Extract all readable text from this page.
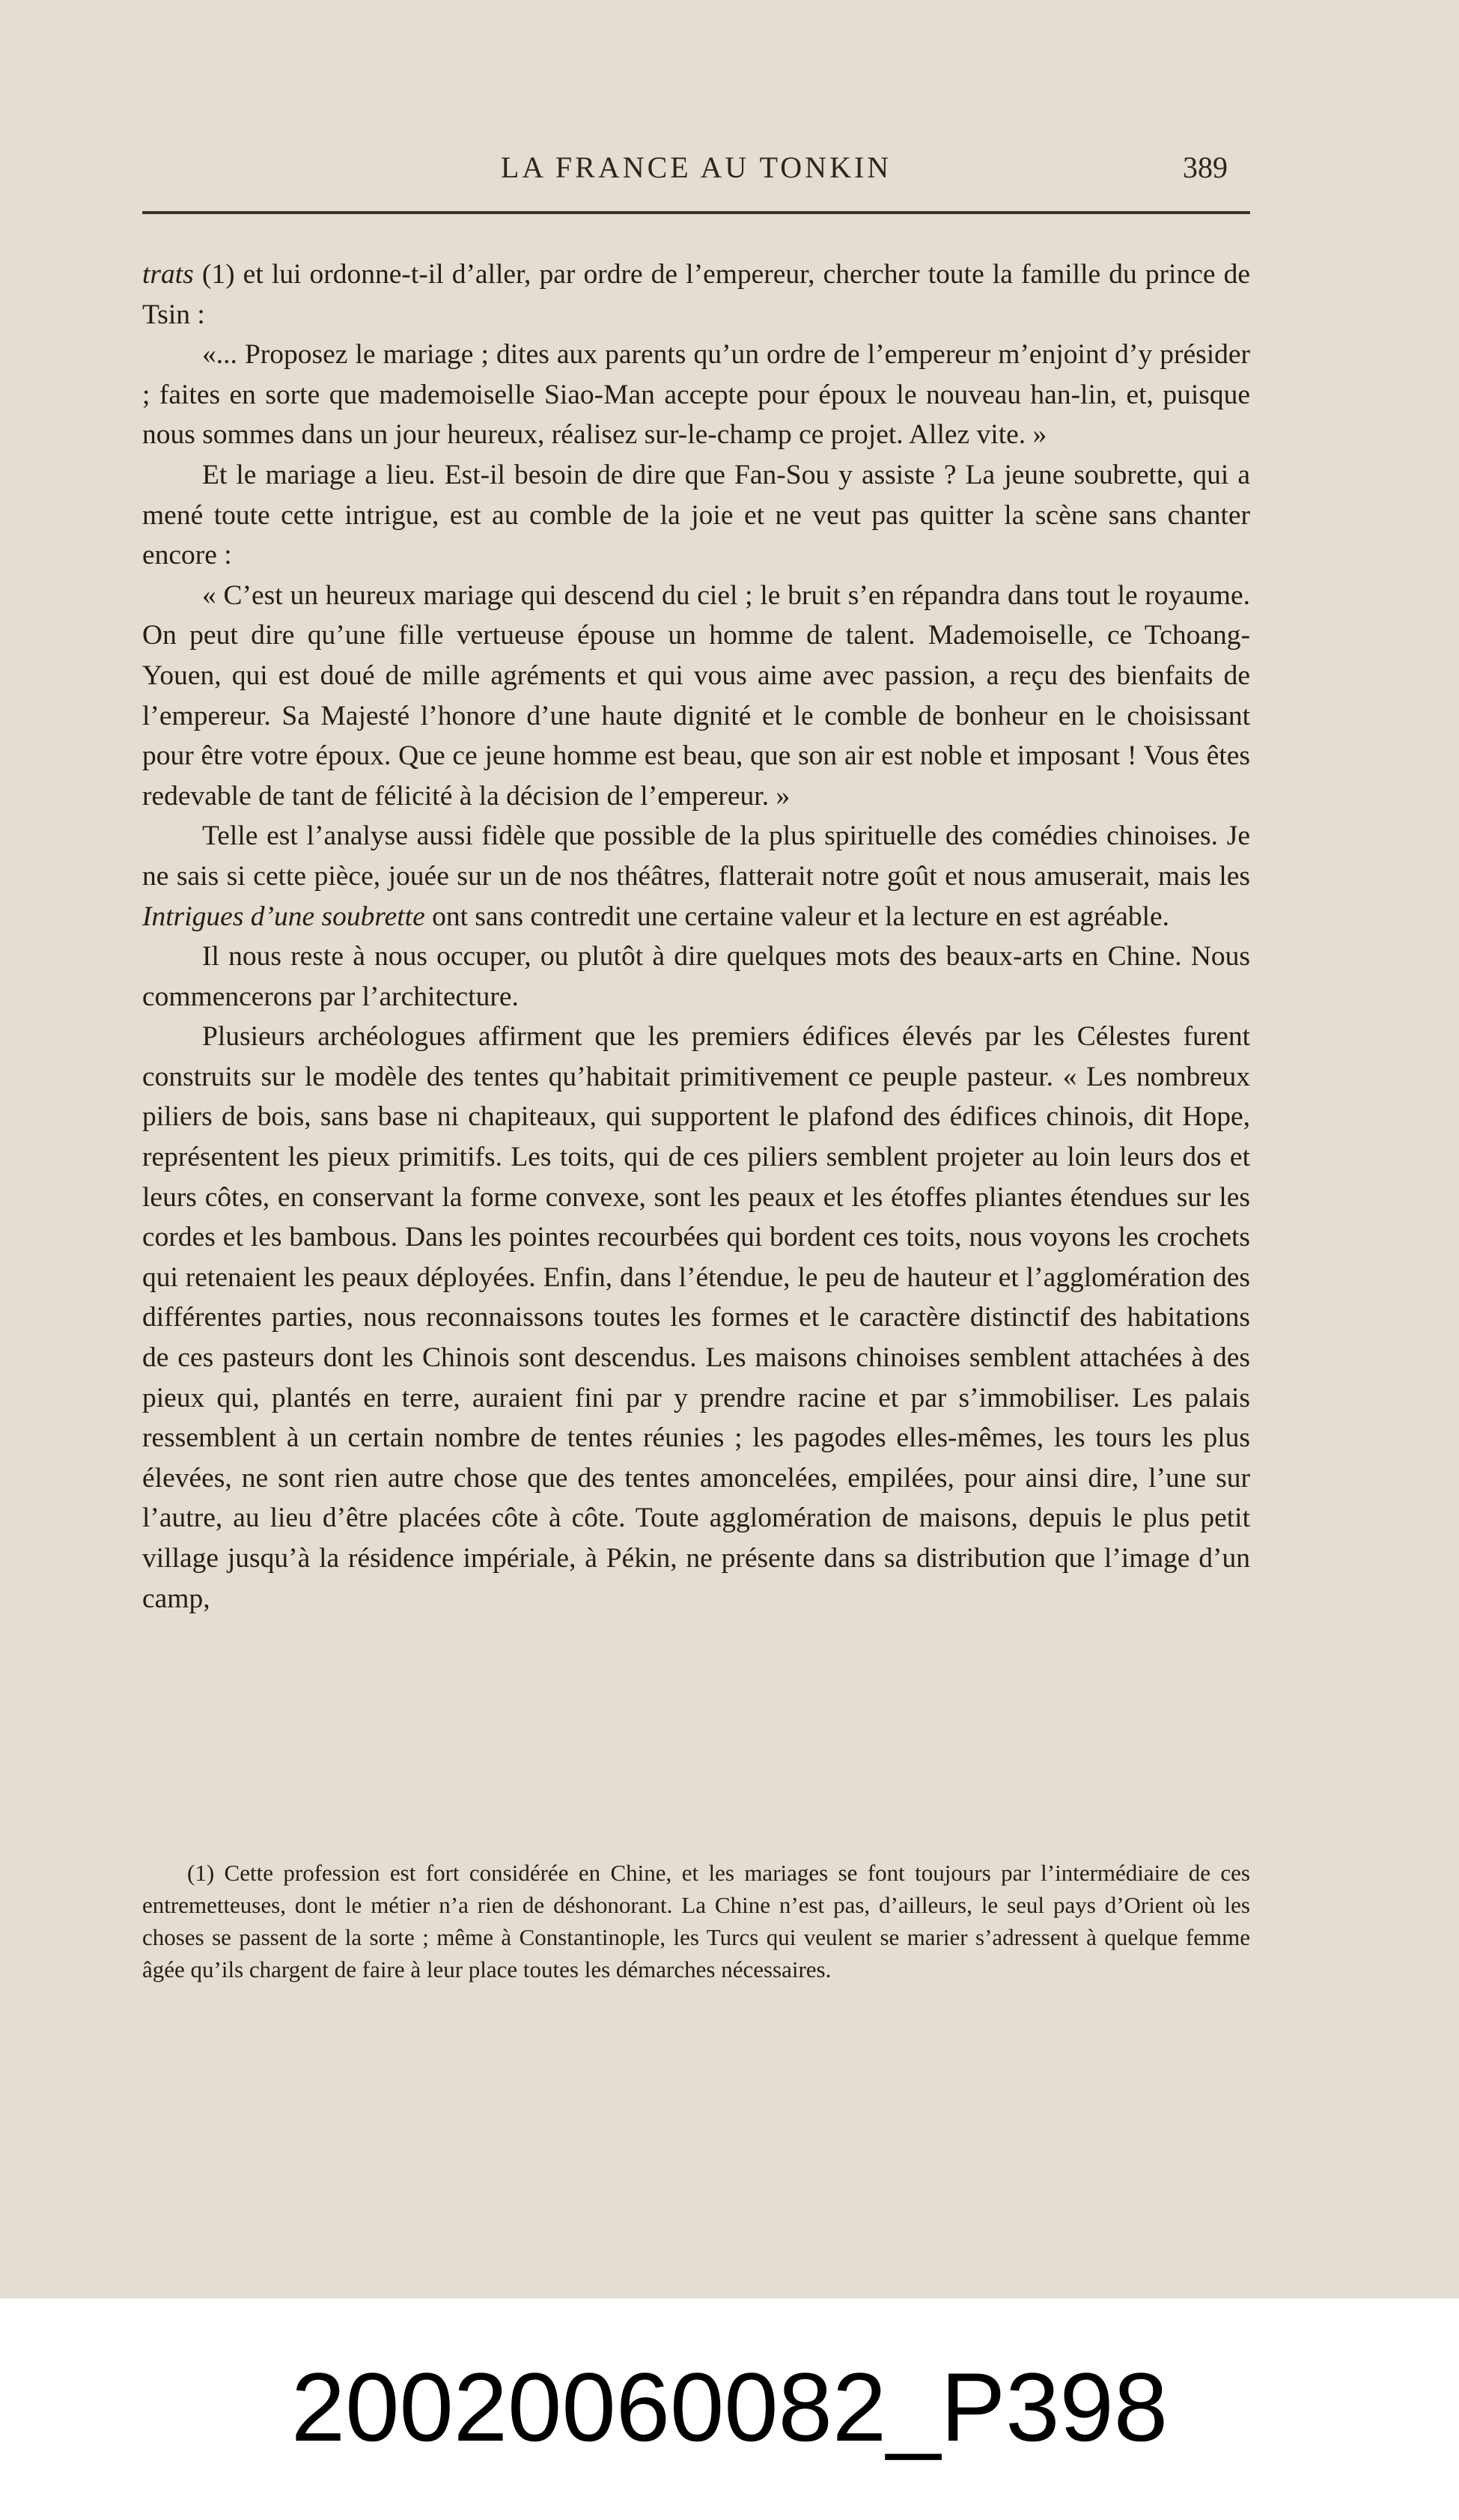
LA FRANCE AU TONKIN	389

trats (1) et lui ordonne-t-il d’aller, par ordre de l’empereur, chercher toute la famille du prince de Tsin :

«... Proposez le mariage ; dites aux parents qu’un ordre de l’empereur m’enjoint d’y présider ; faites en sorte que mademoiselle Siao-Man accepte pour époux le nouveau han-lin, et, puisque nous sommes dans un jour heureux, réalisez sur-le-champ ce projet. Allez vite. »

Et le mariage a lieu. Est-il besoin de dire que Fan-Sou y assiste ? La jeune soubrette, qui a mené toute cette intrigue, est au comble de la joie et ne veut pas quitter la scène sans chanter encore :

« C’est un heureux mariage qui descend du ciel ; le bruit s’en répandra dans tout le royaume. On peut dire qu’une fille vertueuse épouse un homme de talent. Mademoiselle, ce Tchoang-Youen, qui est doué de mille agréments et qui vous aime avec passion, a reçu des bienfaits de l’empereur. Sa Majesté l’honore d’une haute dignité et le comble de bonheur en le choisissant pour être votre époux. Que ce jeune homme est beau, que son air est noble et imposant ! Vous êtes redevable de tant de félicité à la décision de l’empereur. »

Telle est l’analyse aussi fidèle que possible de la plus spirituelle des comédies chinoises. Je ne sais si cette pièce, jouée sur un de nos théâtres, flatterait notre goût et nous amuserait, mais les Intrigues d’une soubrette ont sans contredit une certaine valeur et la lecture en est agréable.

Il nous reste à nous occuper, ou plutôt à dire quelques mots des beaux-arts en Chine. Nous commencerons par l’architecture.

Plusieurs archéologues affirment que les premiers édifices élevés par les Célestes furent construits sur le modèle des tentes qu’habitait primitivement ce peuple pasteur. « Les nombreux piliers de bois, sans base ni chapiteaux, qui supportent le plafond des édifices chinois, dit Hope, représentent les pieux primitifs. Les toits, qui de ces piliers semblent projeter au loin leurs dos et leurs côtes, en conservant la forme convexe, sont les peaux et les étoffes pliantes étendues sur les cordes et les bambous. Dans les pointes recourbées qui bordent ces toits, nous voyons les crochets qui retenaient les peaux déployées. Enfin, dans l’étendue, le peu de hauteur et l’agglomération des différentes parties, nous reconnaissons toutes les formes et le caractère distinctif des habitations de ces pasteurs dont les Chinois sont descendus. Les maisons chinoises semblent attachées à des pieux qui, plantés en terre, auraient fini par y prendre racine et par s’immobiliser. Les palais ressemblent à un certain nombre de tentes réunies ; les pagodes elles-mêmes, les tours les plus élevées, ne sont rien autre chose que des tentes amoncelées, empilées, pour ainsi dire, l’une sur l’autre, au lieu d’être placées côte à côte. Toute agglomération de maisons, depuis le plus petit village jusqu’à la résidence impériale, à Pékin, ne présente dans sa distribution que l’image d’un camp,

(1) Cette profession est fort considérée en Chine, et les mariages se font toujours par l’intermédiaire de ces entremetteuses, dont le métier n’a rien de déshonorant. La Chine n’est pas, d’ailleurs, le seul pays d’Orient où les choses se passent de la sorte ; même à Constantinople, les Turcs qui veulent se marier s’adressent à quelque femme âgée qu’ils chargent de faire à leur place toutes les démarches nécessaires.

20020060082_P398
